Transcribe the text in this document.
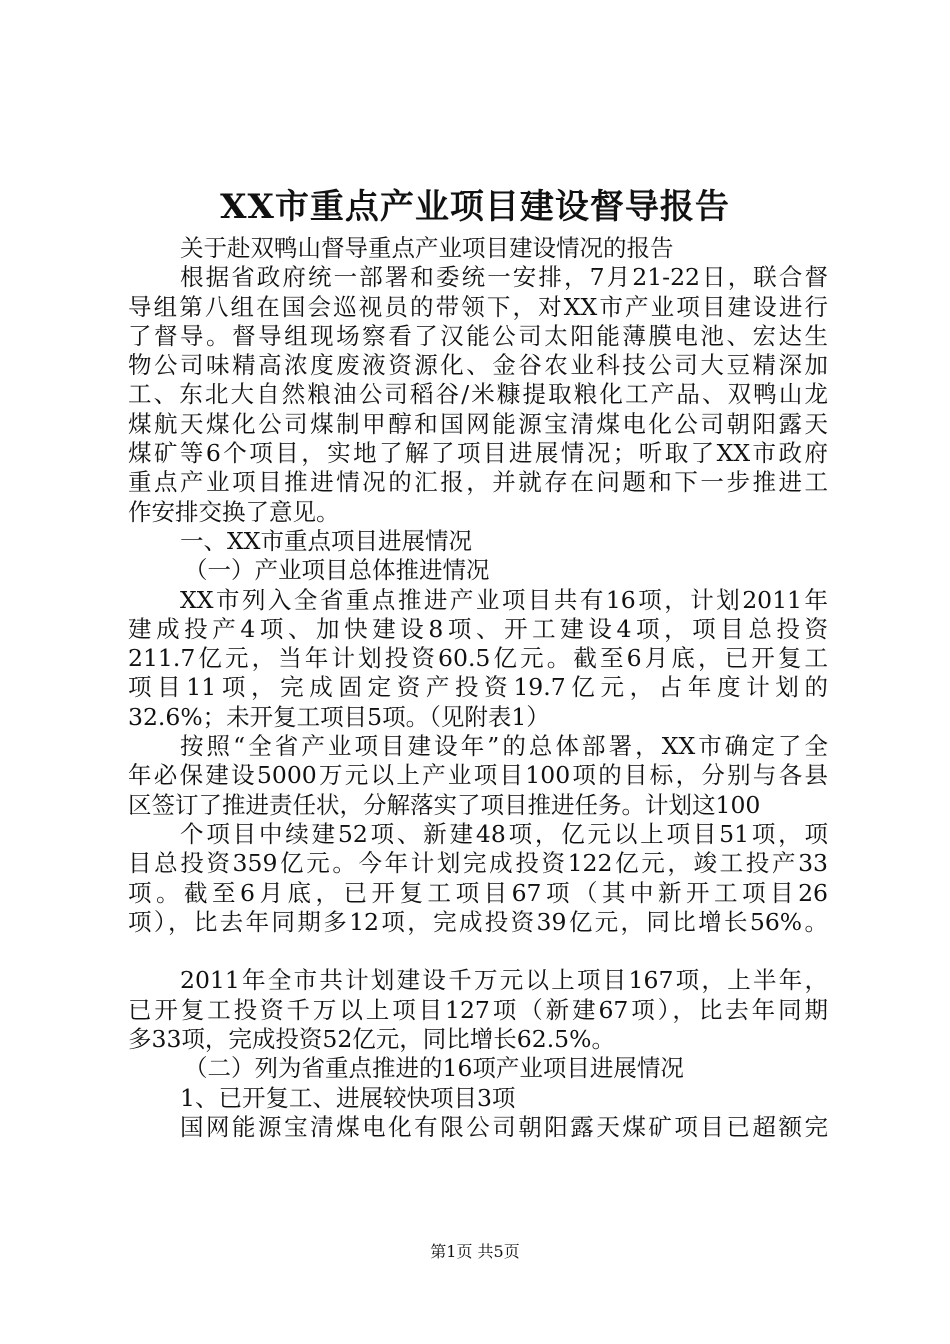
XX市重点产业项目建设督导报告
关于赴双鸭山督导重点产业项目建设情况的报告
根据省政府统一部署和委统一安排，7月21-22日，联合督
导组第八组在国会巡视员的带领下，对XX市产业项目建设进行
了督导。督导组现场察看了汉能公司太阳能薄膜电池、宏达生
物公司味精高浓度废液资源化、金谷农业科技公司大豆精深加
工、东北大自然粮油公司稻谷/米糠提取粮化工产品、双鸭山龙
煤航天煤化公司煤制甲醇和国网能源宝清煤电化公司朝阳露天
煤矿等6个项目，实地了解了项目进展情况；听取了XX市政府
重点产业项目推进情况的汇报，并就存在问题和下一步推进工
作安排交换了意见。
一、XX市重点项目进展情况
（一）产业项目总体推进情况
XX市列入全省重点推进产业项目共有16项，计划2011年
建成投产4项、加快建设8项、开工建设4项，项目总投资
211.7亿元，当年计划投资60.5亿元。截至6月底，已开复工
项目11项，完成固定资产投资19.7亿元，占年度计划的
32.6%；未开复工项目5项。（见附表1）
按照“全省产业项目建设年”的总体部署，XX市确定了全
年必保建设5000万元以上产业项目100项的目标，分别与各县
区签订了推进责任状，分解落实了项目推进任务。计划这100
个项目中续建52项、新建48项，亿元以上项目51项，项
目总投资359亿元。今年计划完成投资122亿元，竣工投产33
项。截至6月底，已开复工项目67项（其中新开工项目26
项），比去年同期多12项，完成投资39亿元，同比增长56%。
2011年全市共计划建设千万元以上项目167项，上半年，
已开复工投资千万以上项目127项（新建67项），比去年同期
多33项，完成投资52亿元，同比增长62.5%。
（二）列为省重点推进的16项产业项目进展情况
1、已开复工、进展较快项目3项
国网能源宝清煤电化有限公司朝阳露天煤矿项目已超额完
第1页 共5页
